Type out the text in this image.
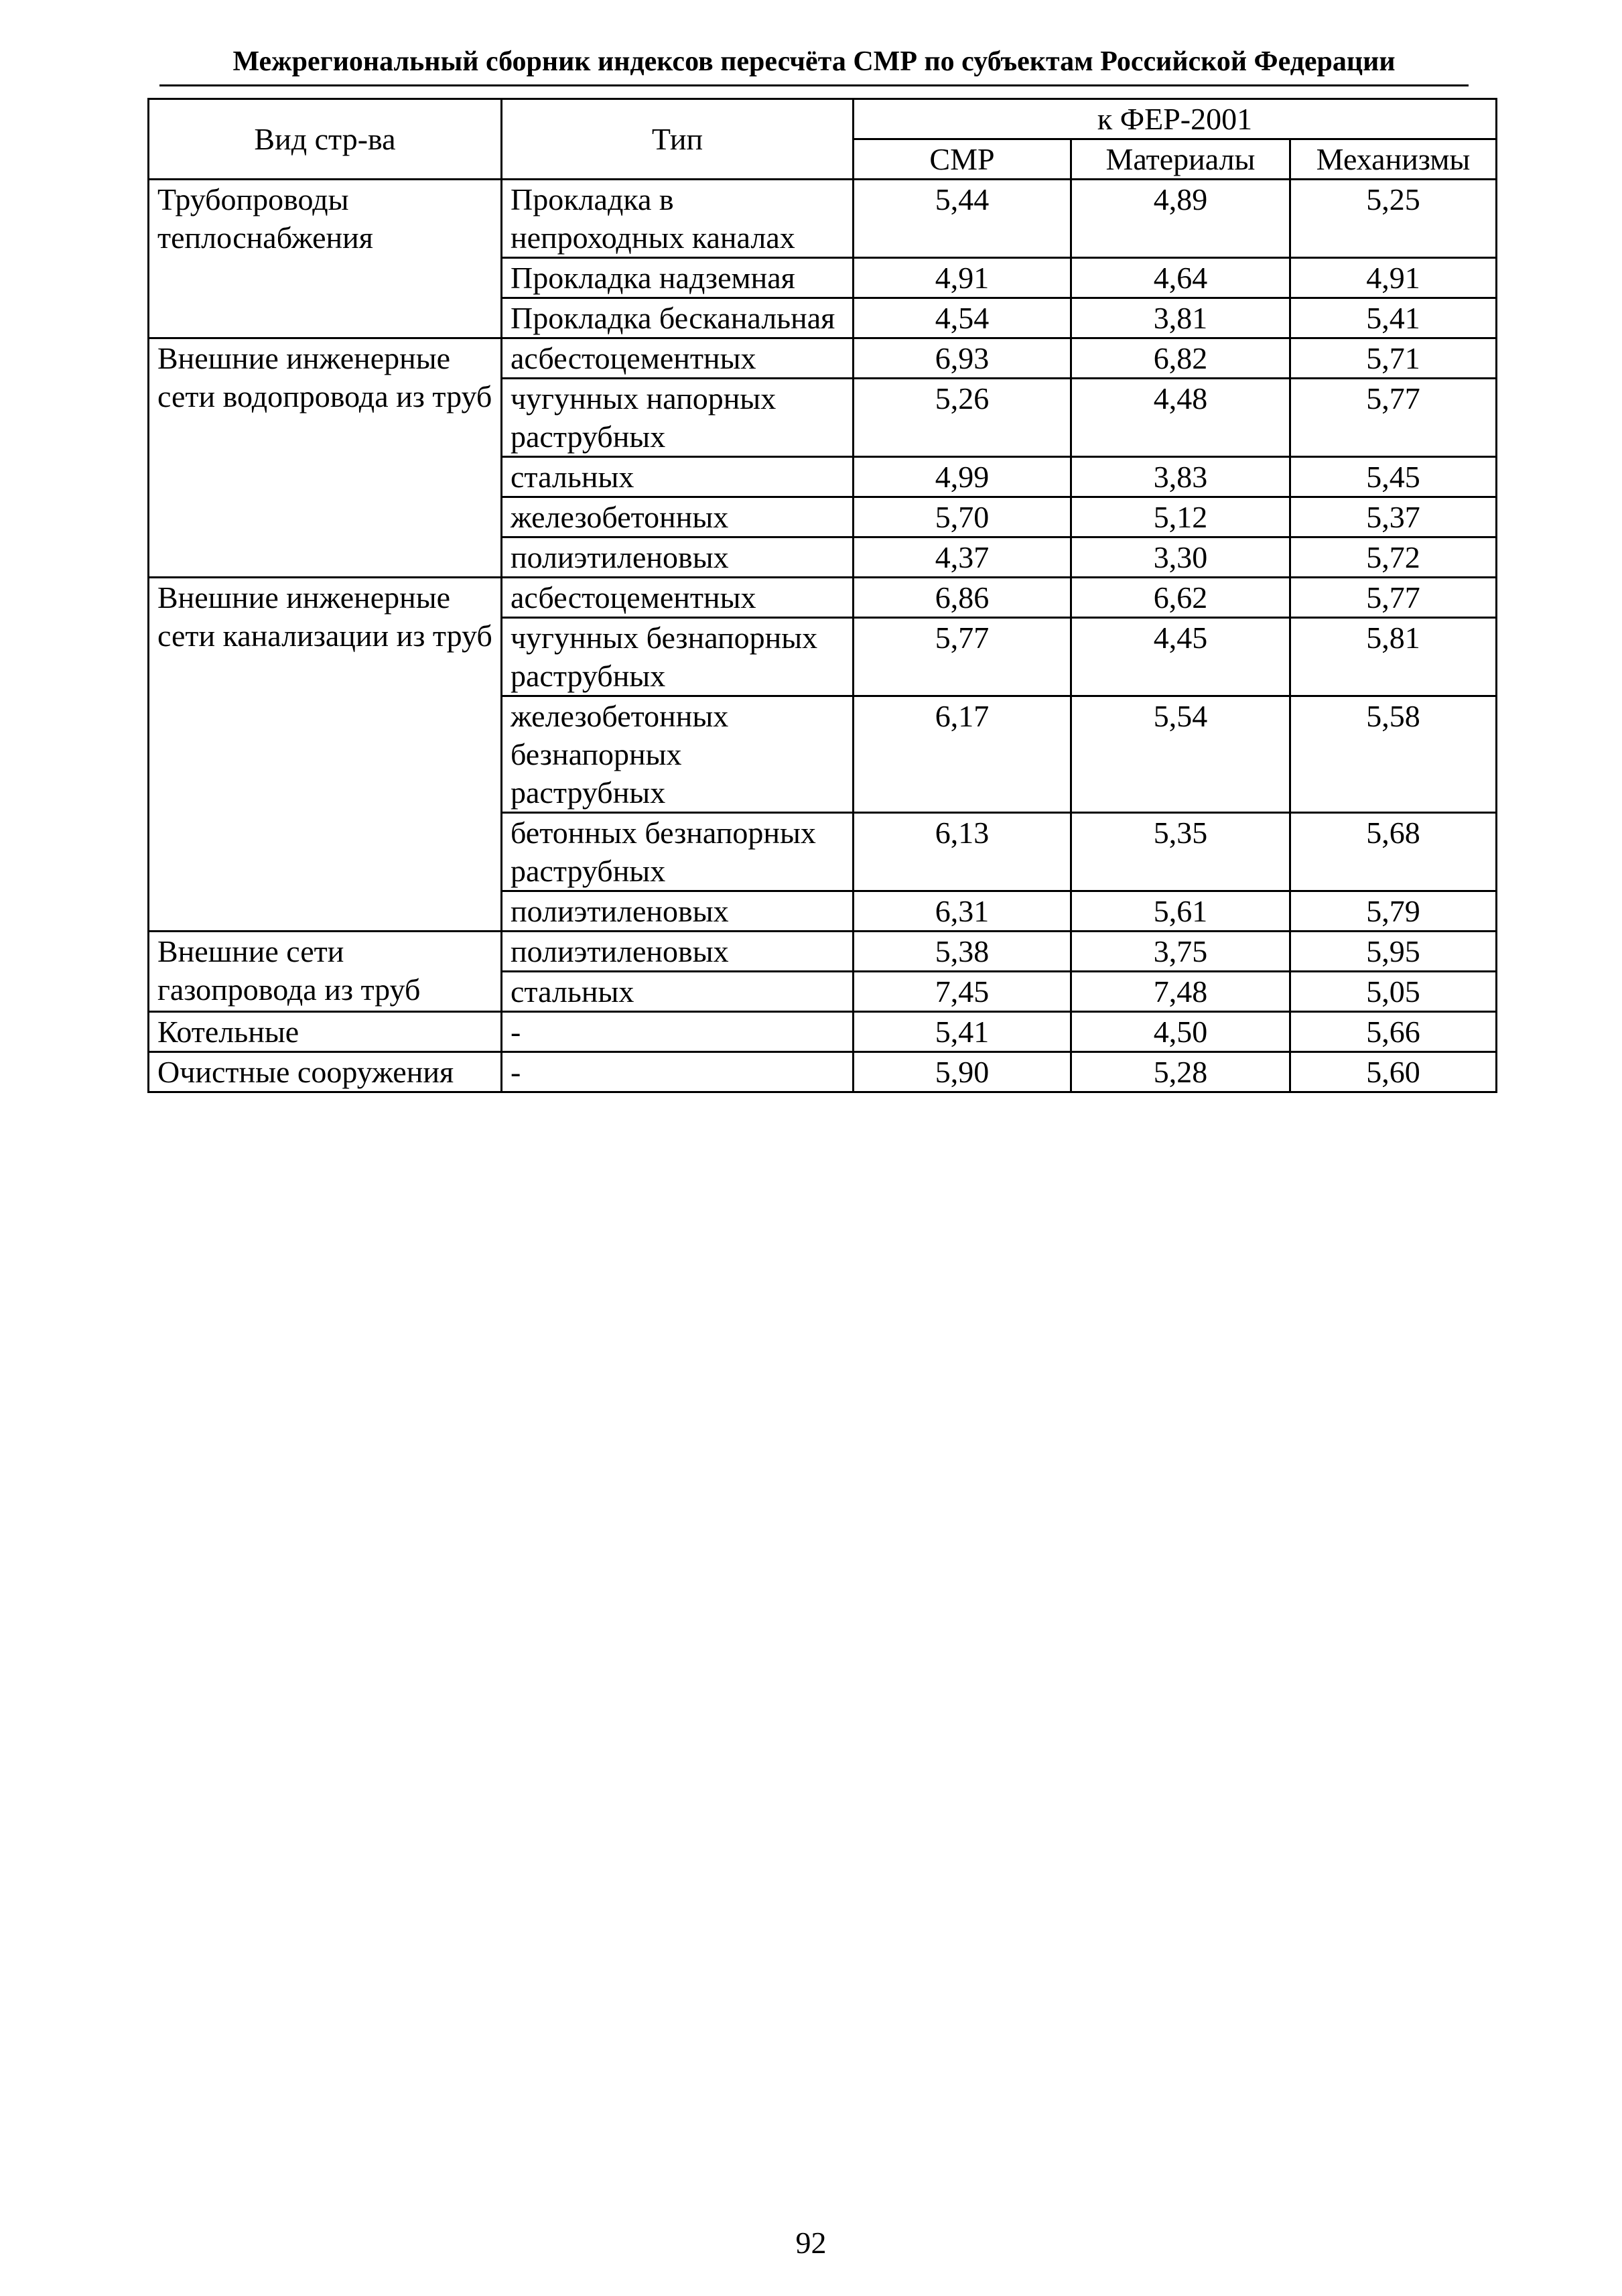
Межрегиональный сборник индексов пересчёта СМР по субъектам Российской Федерации
Вид стр-ва	Тип	к ФЕР-2001		
		СМР	Материалы	Механизмы
Трубопроводы теплоснабжения	Прокладка в непроходных каналах	5,44	4,89	5,25
	Прокладка надземная	4,91	4,64	4,91
	Прокладка бесканальная	4,54	3,81	5,41
Внешние инженерные сети водопровода из труб	асбестоцементных	6,93	6,82	5,71
	чугунных напорных раструбных	5,26	4,48	5,77
	стальных	4,99	3,83	5,45
	железобетонных	5,70	5,12	5,37
	полиэтиленовых	4,37	3,30	5,72
Внешние инженерные сети канализации из труб	асбестоцементных	6,86	6,62	5,77
	чугунных безнапорных раструбных	5,77	4,45	5,81
	железобетонных безнапорных раструбных	6,17	5,54	5,58
	бетонных безнапорных раструбных	6,13	5,35	5,68
	полиэтиленовых	6,31	5,61	5,79
Внешние сети газопровода из труб	полиэтиленовых	5,38	3,75	5,95
	стальных	7,45	7,48	5,05
Котельные	-	5,41	4,50	5,66
Очистные сооружения	-	5,90	5,28	5,60
92
